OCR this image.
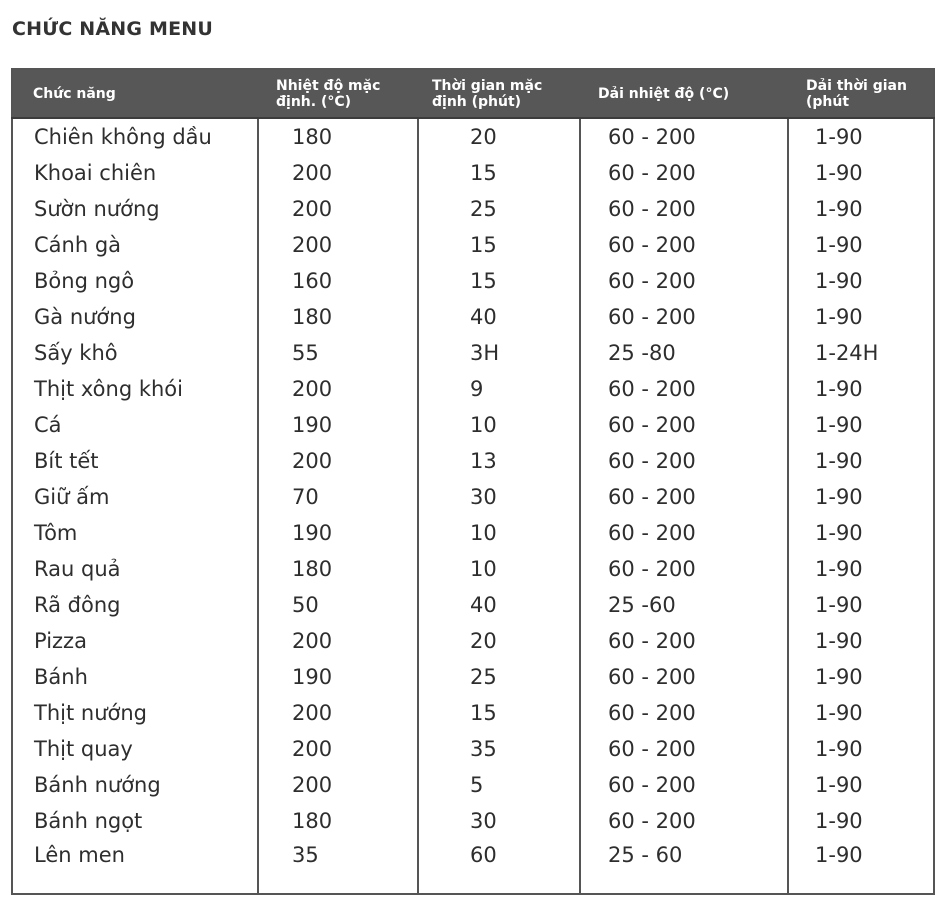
CHỨC NĂNG MENU
Chức năng	Nhiệt độ mặc định. (°C)	Thời gian mặc định (phút)	Dải nhiệt độ (°C)	Dải thời gian (phút
Chiên không dầu	180	20	60 - 200	1-90
Khoai chiên	200	15	60 - 200	1-90
Sườn nướng	200	25	60 - 200	1-90
Cánh gà	200	15	60 - 200	1-90
Bỏng ngô	160	15	60 - 200	1-90
Gà nướng	180	40	60 - 200	1-90
Sấy khô	55	3H	25 -80	1-24H
Thịt xông khói	200	9	60 - 200	1-90
Cá	190	10	60 - 200	1-90
Bít tết	200	13	60 - 200	1-90
Giữ ấm	70	30	60 - 200	1-90
Tôm	190	10	60 - 200	1-90
Rau quả	180	10	60 - 200	1-90
Rã đông	50	40	25 -60	1-90
Pizza	200	20	60 - 200	1-90
Bánh	190	25	60 - 200	1-90
Thịt nướng	200	15	60 - 200	1-90
Thịt quay	200	35	60 - 200	1-90
Bánh nướng	200	5	60 - 200	1-90
Bánh ngọt	180	30	60 - 200	1-90
Lên men	35	60	25 - 60	1-90
